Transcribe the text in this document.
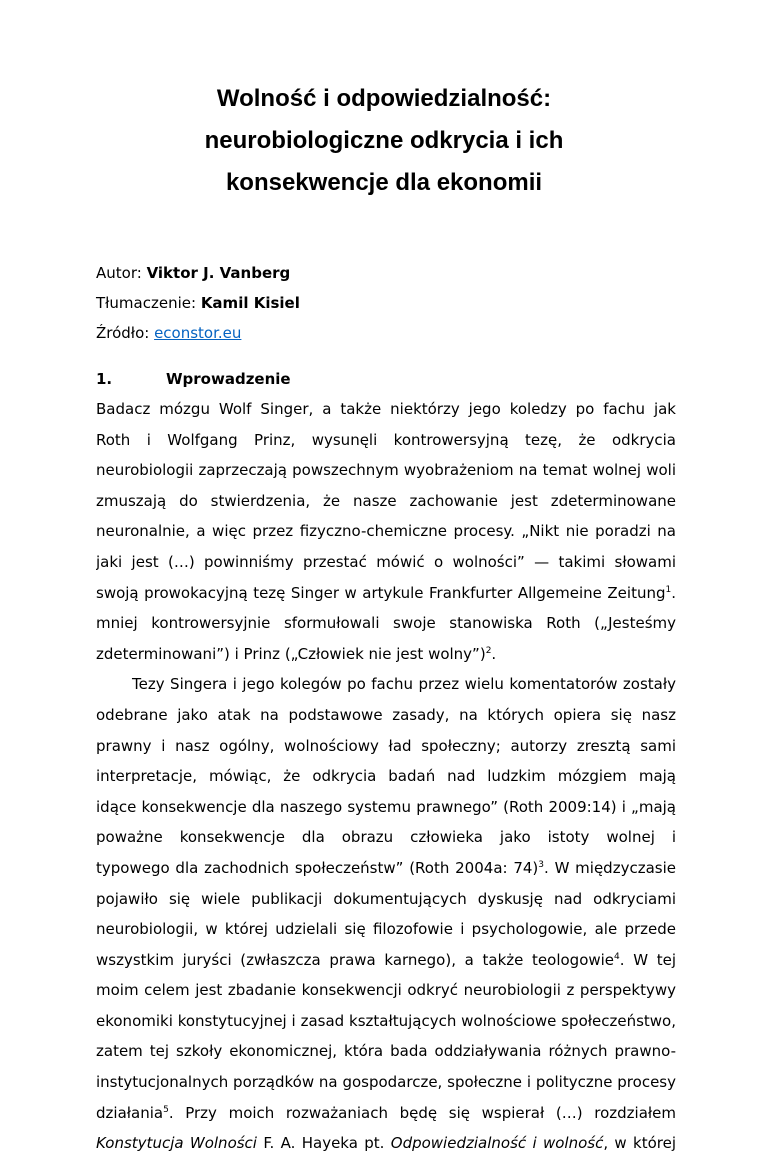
Wolność i odpowiedzialność:
neurobiologiczne odkrycia i ich
konsekwencje dla ekonomii
Autor: Viktor J. Vanberg
Tłumaczenie: Kamil Kisiel
Źródło: econstor.eu
1.	Wprowadzenie
Badacz mózgu Wolf Singer, a także niektórzy jego koledzy po fachu jak
Roth i Wolfgang Prinz, wysunęli kontrowersyjną tezę, że odkrycia
neurobiologii zaprzeczają powszechnym wyobrażeniom na temat wolnej woli
zmuszają do stwierdzenia, że nasze zachowanie jest zdeterminowane
neuronalnie, a więc przez fizyczno-chemiczne procesy. „Nikt nie poradzi na
jaki jest (…) powinniśmy przestać mówić o wolności” — takimi słowami
swoją prowokacyjną tezę Singer w artykule Frankfurter Allgemeine Zeitung$^1$.
mniej kontrowersyjnie sformułowali swoje stanowiska Roth („Jesteśmy
zdeterminowani”) i Prinz („Człowiek nie jest wolny”)$^2$.
Tezy Singera i jego kolegów po fachu przez wielu komentatorów zostały
odebrane jako atak na podstawowe zasady, na których opiera się nasz
prawny i nasz ogólny, wolnościowy ład społeczny; autorzy zresztą sami
interpretacje, mówiąc, że odkrycia badań nad ludzkim mózgiem mają
idące konsekwencje dla naszego systemu prawnego” (Roth 2009:14) i „mają
poważne konsekwencje dla obrazu człowieka jako istoty wolnej i
typowego dla zachodnich społeczeństw” (Roth 2004a: 74)$^3$. W międzyczasie
pojawiło się wiele publikacji dokumentujących dyskusję nad odkryciami
neurobiologii, w której udzielali się filozofowie i psychologowie, ale przede
wszystkim juryści (zwłaszcza prawa karnego), a także teologowie$^4$. W tej
moim celem jest zbadanie konsekwencji odkryć neurobiologii z perspektywy
ekonomiki konstytucyjnej i zasad kształtujących wolnościowe społeczeństwo,
zatem tej szkoły ekonomicznej, która bada oddziaływania różnych prawno-
instytucjonalnych porządków na gospodarcze, społeczne i polityczne procesy
działania$^5$. Przy moich rozważaniach będę się wspierał (…) rozdziałem
Konstytucja Wolności F. A. Hayeka pt. Odpowiedzialność i wolność, w której
